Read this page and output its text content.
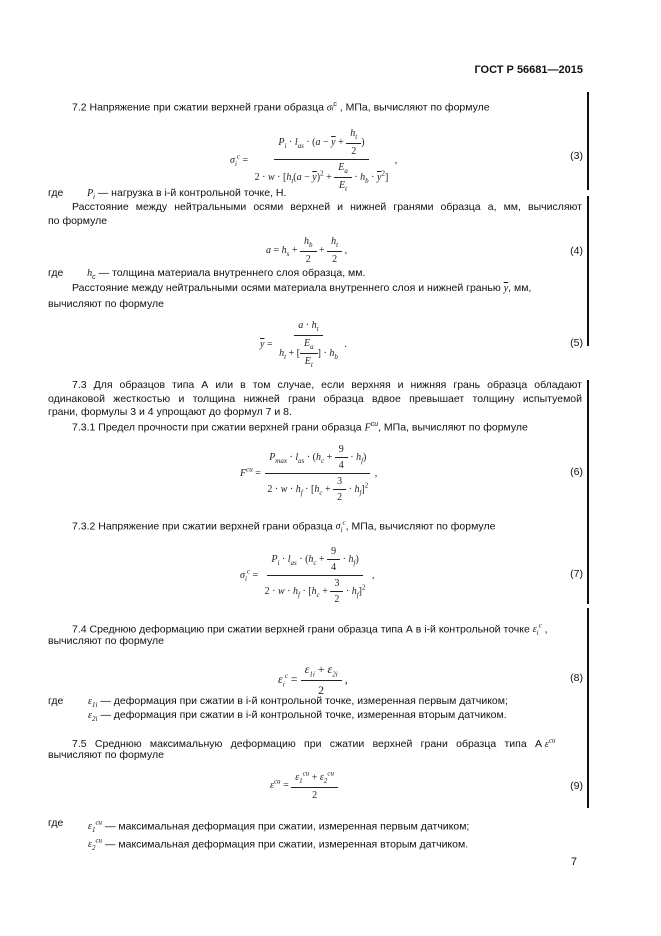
ГОСТ Р 56681—2015
7.2 Напряжение при сжатии верхней грани образца $\sigma i^c$ , МПа, вычисляют по формуле
$\sigma_i^c = \frac{P_i \cdot l_{as} \cdot (a - \overline{y} + \frac{h_t}{2} )}{2 \cdot w \cdot [h_t(a - \overline{y})^2 + \frac{E_a}{E_t} \cdot h_b \cdot \overline{y}^2]}$ ,	(3)
где $P_i$ — нагрузка в i-й контрольной точке, Н.
Расстояние между нейтральными осями верхней и нижней гранями образца a, мм, вычисляют
по формуле
$a = h_s + \frac{h_b}{2} + \frac{h_t}{2}$ ,	(4)
где $h_c$ — толщина материала внутреннего слоя образца, мм.
Расстояние между нейтральными осями материала внутреннего слоя и нижней гранью $\overline{y}$, мм,
вычисляют по формуле
$\overline{y} = \frac{a \cdot h_t}{h_t + [ \frac{E_a}{E_t} ] \cdot h_b}$ .	(5)
7.3 Для образцов типа А или в том случае, если верхняя и нижняя грань образца обладают
одинаковой жесткостью и толщина нижней грани образца вдвое превышает толщину испытуемой
грани, формулы 3 и 4 упрощают до формул 7 и 8.
7.3.1 Предел прочности при сжатии верхней грани образца $F^{cu}$, МПа, вычисляют по формуле
$F^{cu} = \frac{P_{max} \cdot l_{as} \cdot (h_c + \frac{9}{4} \cdot h_f)}{2 \cdot w \cdot h_f \cdot [h_c + \frac{3}{2} \cdot h_f]^2}$ ,	(6)
7.3.2 Напряжение при сжатии верхней грани образца $\sigma_i^c$, МПа, вычисляют по формуле
$\sigma_i^c = \frac{P_i \cdot l_{as} \cdot (h_c + \frac{9}{4} \cdot h_f)}{2 \cdot w \cdot h_f \cdot [h_c + \frac{3}{2} \cdot h_f]^2}$ ,	(7)
7.4 Среднюю деформацию при сжатии верхней грани образца типа А в i-й контрольной точке $\varepsilon_i^c$ ,
вычисляют по формуле
$\varepsilon_i^c = \frac{\varepsilon_{1i} + \varepsilon_{2i}}{2}$ ,	(8)
где $\varepsilon_{1i}$ — деформация при сжатии в i-й контрольной точке, измеренная первым датчиком;
$\varepsilon_{2i}$ — деформация при сжатии в i-й контрольной точке, измеренная вторым датчиком.
7.5 Среднюю максимальную деформацию при сжатии верхней грани образца типа А $\varepsilon^{cu}$
вычисляют по формуле
$\varepsilon^{cu} = \frac{\varepsilon_1^{cu} + \varepsilon_2^{cu}}{2}$	(9)
где $\varepsilon_1^{cu}$ — максимальная деформация при сжатии, измеренная первым датчиком;
$\varepsilon_2^{cu}$ — максимальная деформация при сжатии, измеренная вторым датчиком.
7
